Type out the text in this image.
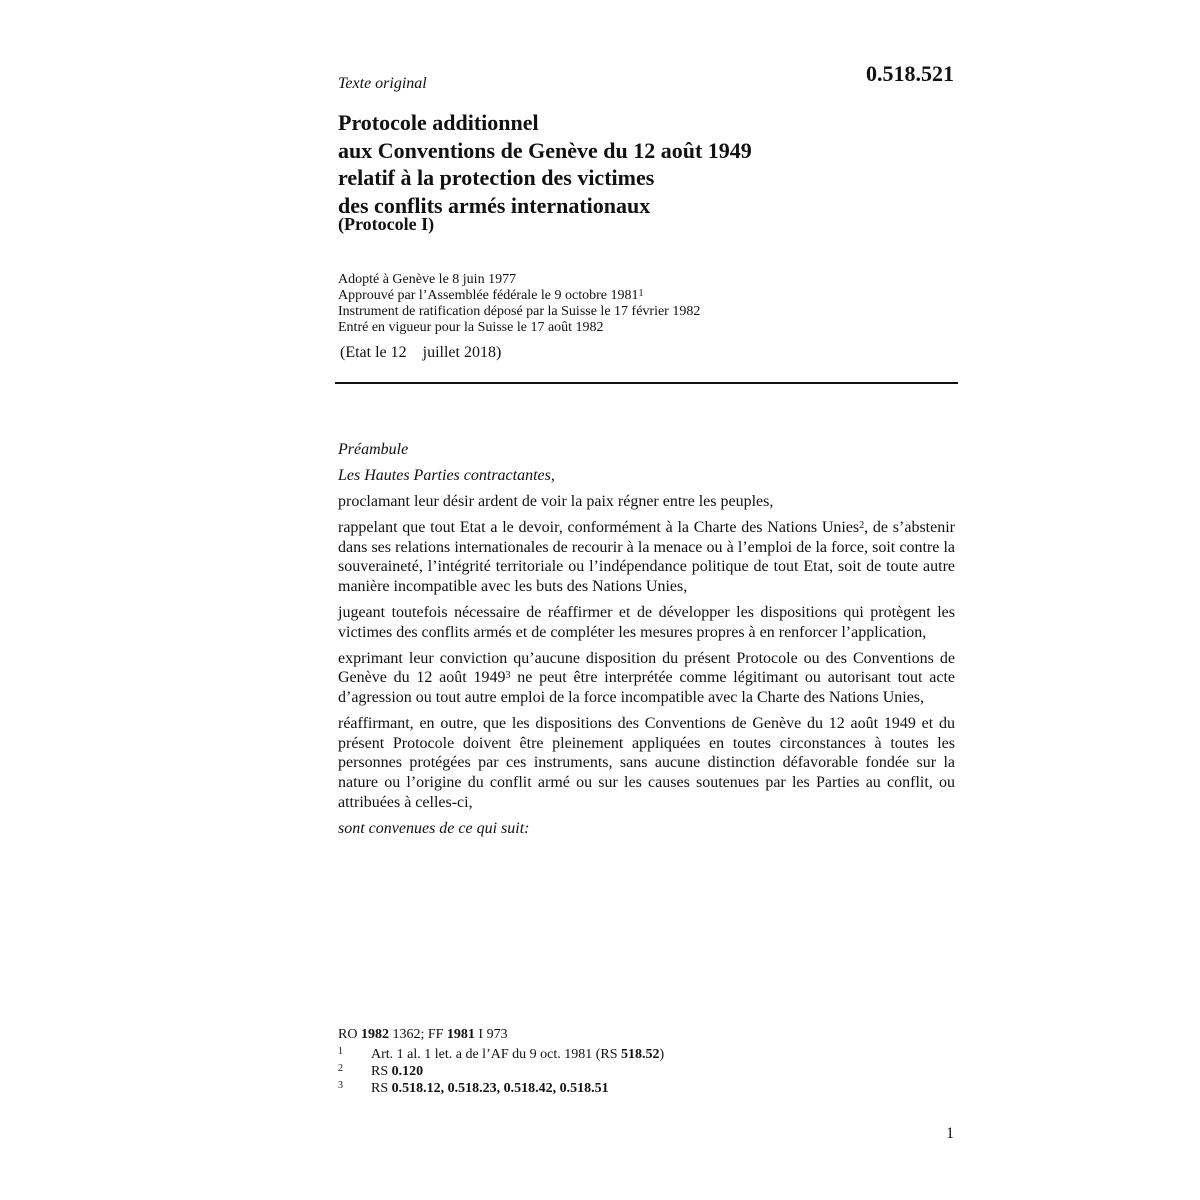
Texte original	0.518.521
Protocole additionnel
aux Conventions de Genève du 12 août 1949
relatif à la protection des victimes
des conflits armés internationaux
(Protocole I)
Adopté à Genève le 8 juin 1977
Approuvé par l’Assemblée fédérale le 9 octobre 1981$^1$
Instrument de ratification déposé par la Suisse le 17 février 1982
Entré en vigueur pour la Suisse le 17 août 1982
(Etat le 12    juillet 2018)

Préambule

Les Hautes Parties contractantes,

proclamant leur désir ardent de voir la paix régner entre les peuples,

rappelant que tout Etat a le devoir, conformément à la Charte des Nations Unies$^2$, de s’abstenir dans ses relations internationales de recourir à la menace ou à l’emploi de la force, soit contre la souveraineté, l’intégrité territoriale ou l’indépendance politique de tout Etat, soit de toute autre manière incompatible avec les buts des Nations Unies,

jugeant toutefois nécessaire de réaffirmer et de développer les dispositions qui protègent les victimes des conflits armés et de compléter les mesures propres à en renforcer l’application,

exprimant leur conviction qu’aucune disposition du présent Protocole ou des Conventions de Genève du 12 août 1949$^3$ ne peut être interprétée comme légitimant ou autorisant tout acte d’agression ou tout autre emploi de la force incompatible avec la Charte des Nations Unies,

réaffirmant, en outre, que les dispositions des Conventions de Genève du 12 août 1949 et du présent Protocole doivent être pleinement appliquées en toutes circonstances à toutes les personnes protégées par ces instruments, sans aucune distinction défavorable fondée sur la nature ou l’origine du conflit armé ou sur les causes soutenues par les Parties au conflit, ou attribuées à celles-ci,

sont convenues de ce qui suit:

RO 1982 1362; FF 1981 I 973
1 Art. 1 al. 1 let. a de l’AF du 9 oct. 1981 (RS 518.52)
2 RS 0.120
3 RS 0.518.12, 0.518.23, 0.518.42, 0.518.51
1
